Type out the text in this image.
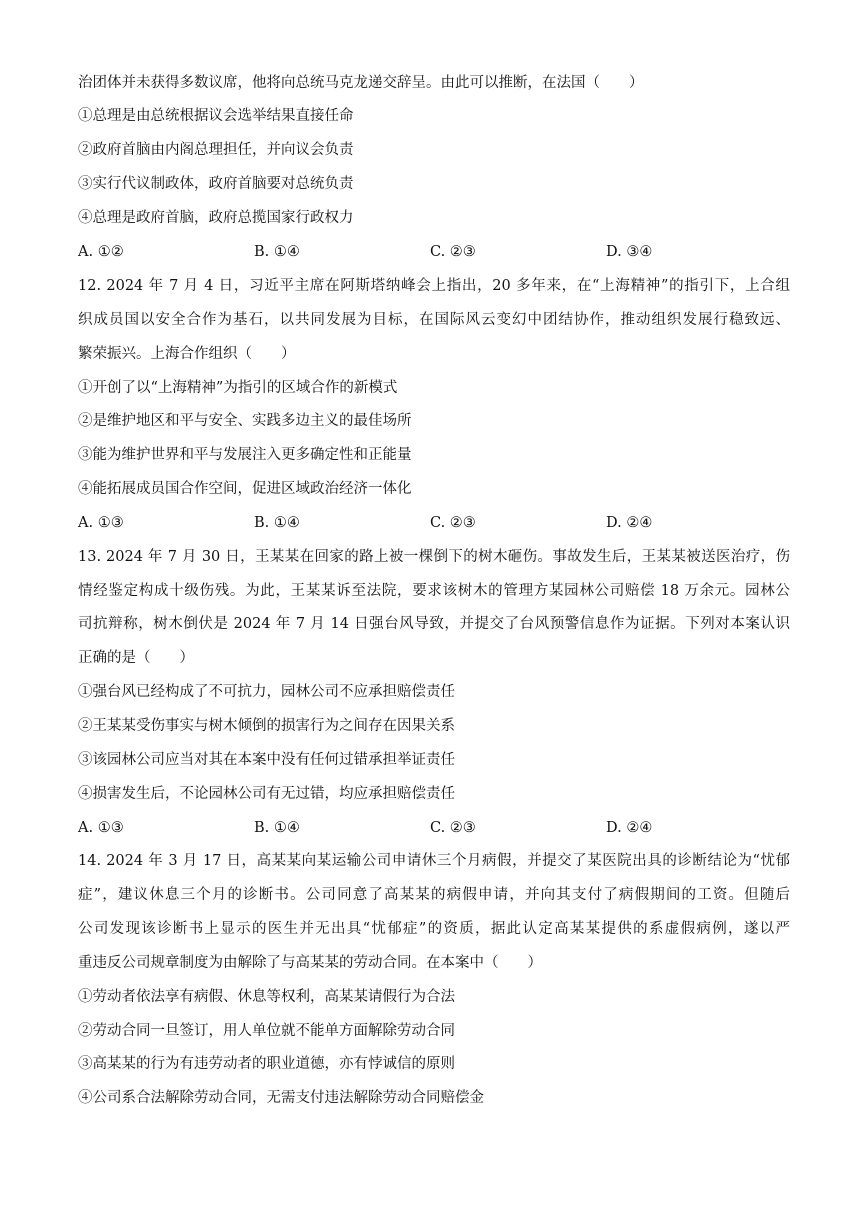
治团体并未获得多数议席，他将向总统马克龙递交辞呈。由此可以推断，在法国（　　）
①总理是由总统根据议会选举结果直接任命
②政府首脑由内阁总理担任，并向议会负责
③实行代议制政体，政府首脑要对总统负责
④总理是政府首脑，政府总揽国家行政权力
A. ①②	B. ①④	C. ②③	D. ③④
12. 2024 年 7 月 4 日，习近平主席在阿斯塔纳峰会上指出，20 多年来，在“上海精神”的指引下，上合组
织成员国以安全合作为基石，以共同发展为目标，在国际风云变幻中团结协作，推动组织发展行稳致远、
繁荣振兴。上海合作组织（　　）
①开创了以“上海精神”为指引的区域合作的新模式
②是维护地区和平与安全、实践多边主义的最佳场所
③能为维护世界和平与发展注入更多确定性和正能量
④能拓展成员国合作空间，促进区域政治经济一体化
A. ①③	B. ①④	C. ②③	D. ②④
13. 2024 年 7 月 30 日，王某某在回家的路上被一棵倒下的树木砸伤。事故发生后，王某某被送医治疗，伤
情经鉴定构成十级伤残。为此，王某某诉至法院，要求该树木的管理方某园林公司赔偿 18 万余元。园林公
司抗辩称，树木倒伏是 2024 年 7 月 14 日强台风导致，并提交了台风预警信息作为证据。下列对本案认识
正确的是（　　）
①强台风已经构成了不可抗力，园林公司不应承担赔偿责任
②王某某受伤事实与树木倾倒的损害行为之间存在因果关系
③该园林公司应当对其在本案中没有任何过错承担举证责任
④损害发生后，不论园林公司有无过错，均应承担赔偿责任
A. ①③	B. ①④	C. ②③	D. ②④
14. 2024 年 3 月 17 日，高某某向某运输公司申请休三个月病假，并提交了某医院出具的诊断结论为“忧郁
症”，建议休息三个月的诊断书。公司同意了高某某的病假申请，并向其支付了病假期间的工资。但随后
公司发现该诊断书上显示的医生并无出具“忧郁症”的资质，据此认定高某某提供的系虚假病例，遂以严
重违反公司规章制度为由解除了与高某某的劳动合同。在本案中（　　）
①劳动者依法享有病假、休息等权利，高某某请假行为合法
②劳动合同一旦签订，用人单位就不能单方面解除劳动合同
③高某某的行为有违劳动者的职业道德，亦有悖诚信的原则
④公司系合法解除劳动合同，无需支付违法解除劳动合同赔偿金
